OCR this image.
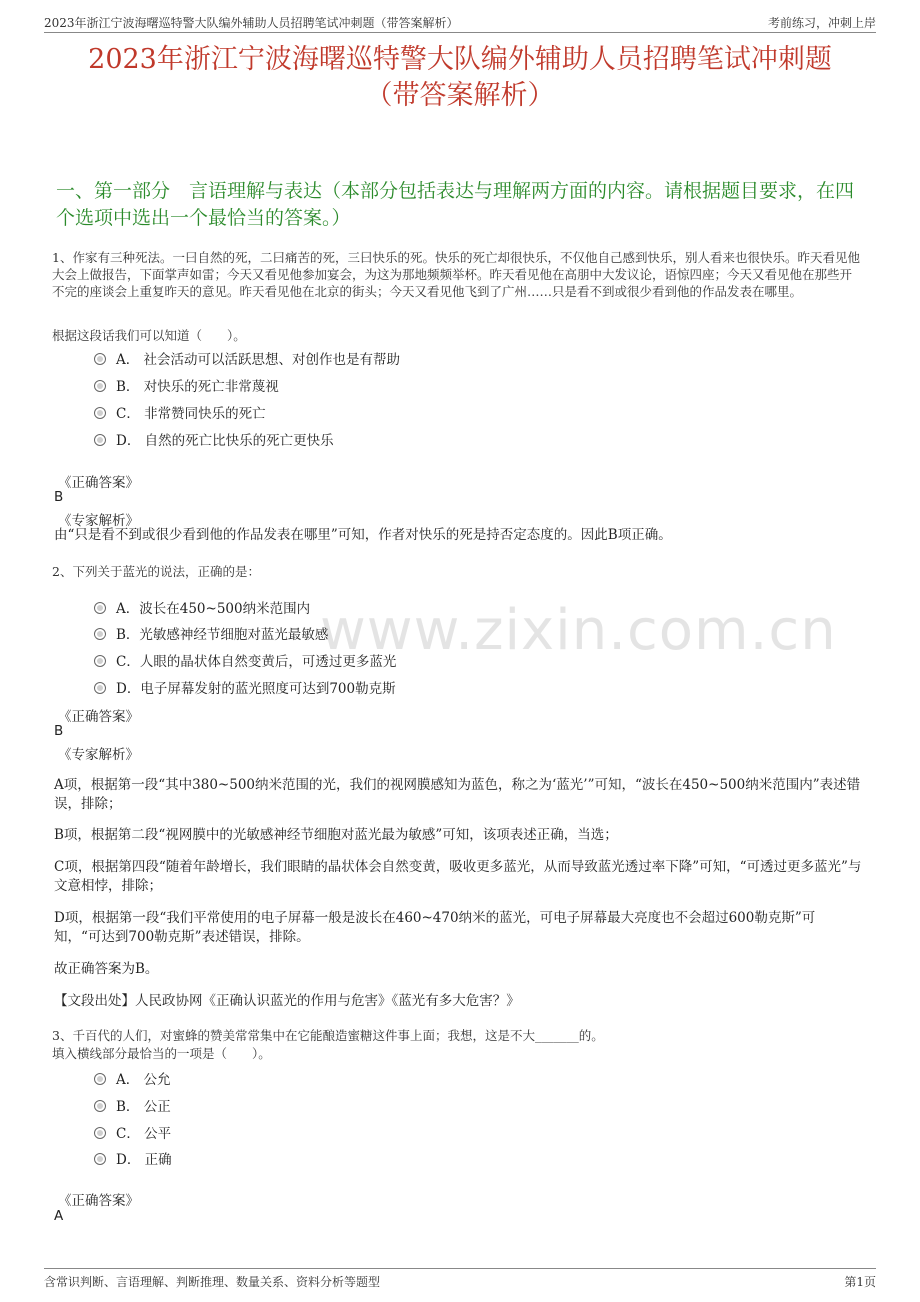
2023年浙江宁波海曙巡特警大队编外辅助人员招聘笔试冲刺题（带答案解析）	考前练习，冲刺上岸
2023年浙江宁波海曙巡特警大队编外辅助人员招聘笔试冲刺题
（带答案解析）
一、第一部分　言语理解与表达（本部分包括表达与理解两方面的内容。请根据题目要求，在四个选项中选出一个最恰当的答案。）
1、作家有三种死法。一曰自然的死，二曰痛苦的死，三曰快乐的死。快乐的死亡却很快乐，不仅他自己感到快乐，别人看来也很快乐。昨天看见他大会上做报告，下面掌声如雷；今天又看见他参加宴会，为这为那地频频举杯。昨天看见他在高朋中大发议论，语惊四座；今天又看见他在那些开不完的座谈会上重复昨天的意见。昨天看见他在北京的街头；今天又看见他飞到了广州……只是看不到或很少看到他的作品发表在哪里。
根据这段话我们可以知道（　　）。
A． 社会活动可以活跃思想、对创作也是有帮助
B． 对快乐的死亡非常蔑视
C． 非常赞同快乐的死亡
D． 自然的死亡比快乐的死亡更快乐
《正确答案》
B
《专家解析》
由“只是看不到或很少看到他的作品发表在哪里”可知，作者对快乐的死是持否定态度的。因此B项正确。
2、下列关于蓝光的说法，正确的是：
www.zixin.com.cn
A．波长在450~500纳米范围内
B．光敏感神经节细胞对蓝光最敏感
C．人眼的晶状体自然变黄后，可透过更多蓝光
D．电子屏幕发射的蓝光照度可达到700勒克斯
《正确答案》
B
《专家解析》
A项，根据第一段“其中380~500纳米范围的光，我们的视网膜感知为蓝色，称之为‘蓝光’”可知，“波长在450~500纳米范围内”表述错误，排除；
B项，根据第二段“视网膜中的光敏感神经节细胞对蓝光最为敏感”可知，该项表述正确，当选；
C项，根据第四段“随着年龄增长，我们眼睛的晶状体会自然变黄，吸收更多蓝光，从而导致蓝光透过率下降”可知，“可透过更多蓝光”与文意相悖，排除；
D项，根据第一段“我们平常使用的电子屏幕一般是波长在460~470纳米的蓝光，可电子屏幕最大亮度也不会超过600勒克斯”可知，“可达到700勒克斯”表述错误，排除。
故正确答案为B。
【文段出处】人民政协网《正确认识蓝光的作用与危害》《蓝光有多大危害？》
3、千百代的人们，对蜜蜂的赞美常常集中在它能酿造蜜糖这件事上面；我想，这是不大_______的。
填入横线部分最恰当的一项是（　　）。
A． 公允
B． 公正
C． 公平
D． 正确
《正确答案》
A
含常识判断、言语理解、判断推理、数量关系、资料分析等题型	第1页
